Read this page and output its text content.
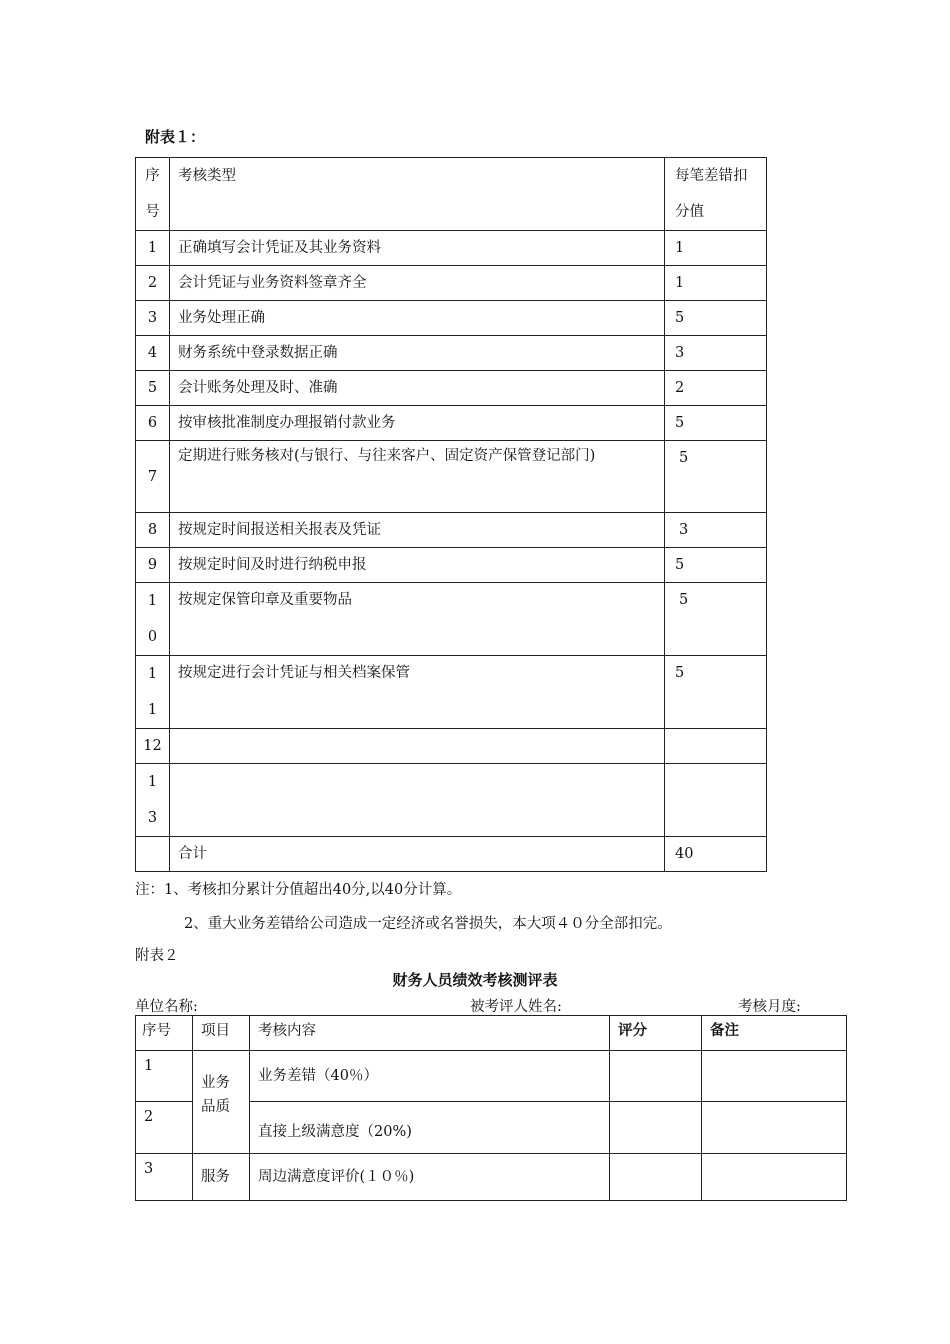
附表１：
序号	考核类型	每笔差错扣分值

1	正确填写会计凭证及其业务资料	1

2	会计凭证与业务资料签章齐全	1

3	业务处理正确	5

4	财务系统中登录数据正确	3

5	会计账务处理及时、准确	2

6	按审核批准制度办理报销付款业务	5

7	定期进行账务核对(与银行、与往来客户、固定资产保管登记部门)	5

8	按规定时间报送相关报表及凭证	3

9	按规定时间及时进行纳税申报	5

10	按规定保管印章及重要物品	5

11	按规定进行会计凭证与相关档案保管	5

12		

13		

	合计	40
注：1、考核扣分累计分值超出40分,以40分计算。
2、重大业务差错给公司造成一定经济或名誉损失，本大项４０分全部扣完。
附表２
财务人员绩效考核测评表
单位名称:	被考评人姓名:	考核月度:
序号	项目	考核内容	评分	备注

1	业务品质	业务差错（40％）		

2		直接上级满意度（20%)		

3	服务	周边满意度评价(１０％)		
